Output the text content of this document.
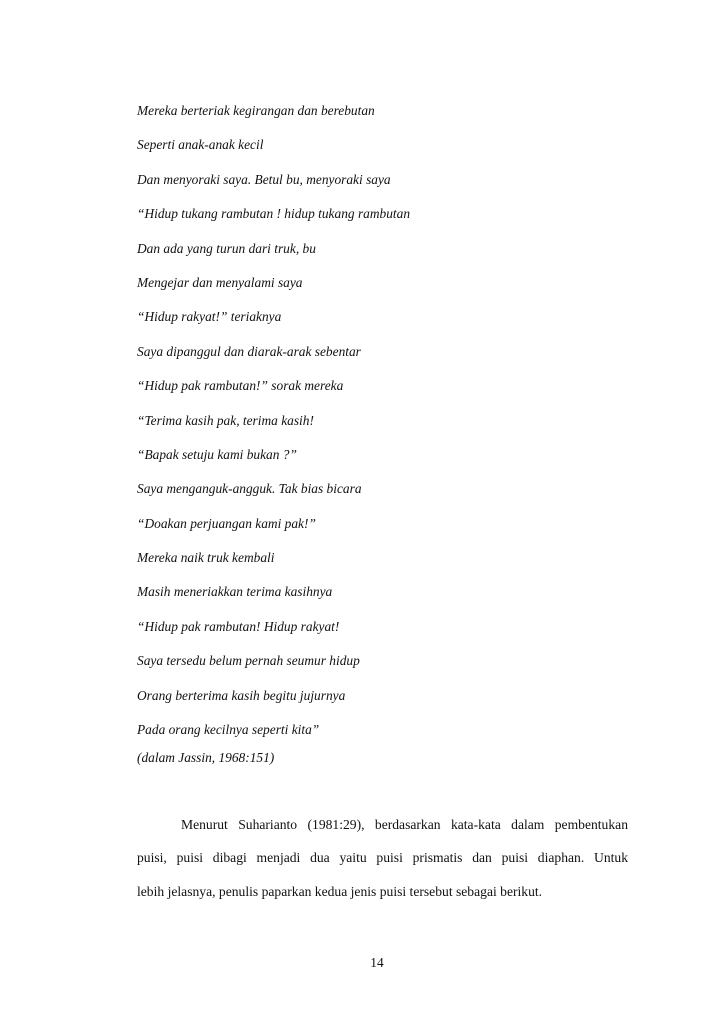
Mereka berteriak kegirangan dan berebutan
Seperti anak-anak kecil
Dan menyoraki saya. Betul bu, menyoraki saya
“Hidup tukang rambutan ! hidup tukang rambutan
Dan ada yang turun dari truk, bu
Mengejar dan menyalami saya
“Hidup rakyat!” teriaknya
Saya dipanggul dan diarak-arak sebentar
“Hidup pak rambutan!” sorak mereka
“Terima kasih pak, terima kasih!
“Bapak setuju kami bukan ?”
Saya menganguk-angguk. Tak bias bicara
“Doakan perjuangan kami pak!”
Mereka naik truk kembali
Masih meneriakkan terima kasihnya
“Hidup pak rambutan! Hidup rakyat!
Saya tersedu belum pernah seumur hidup
Orang berterima kasih begitu jujurnya
Pada orang kecilnya seperti kita”
(dalam Jassin, 1968:151)
Menurut Suharianto (1981:29), berdasarkan kata-kata dalam pembentukan
puisi, puisi dibagi menjadi dua yaitu puisi prismatis dan puisi diaphan. Untuk
lebih jelasnya, penulis paparkan kedua jenis puisi tersebut sebagai berikut.
14
